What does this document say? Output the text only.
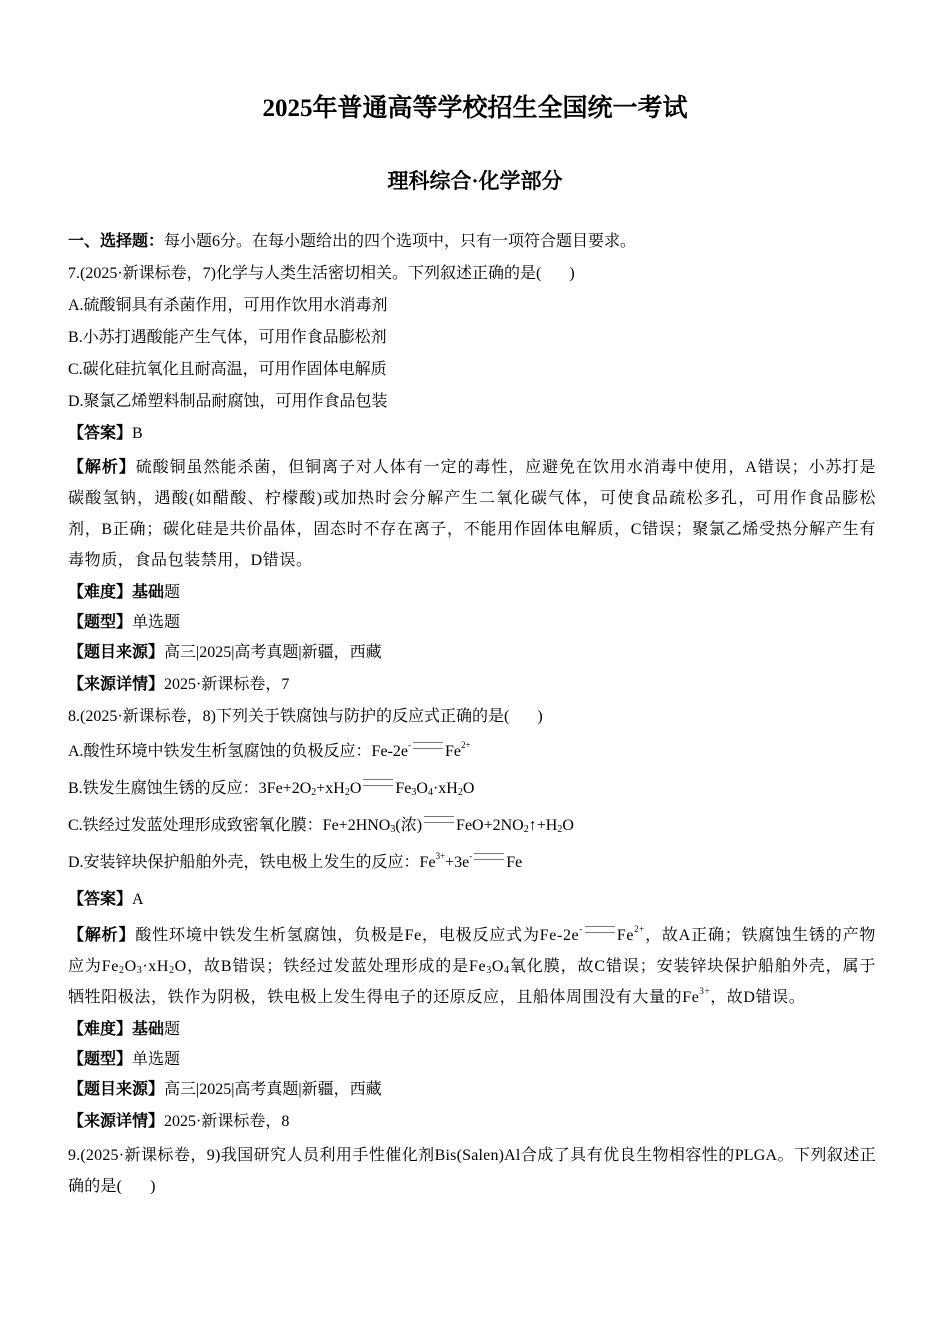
2025年普通高等学校招生全国统一考试
理科综合·化学部分
一、选择题：每小题6分。在每小题给出的四个选项中，只有一项符合题目要求。
7.(2025·新课标卷，7)化学与人类生活密切相关。下列叙述正确的是( )
A.硫酸铜具有杀菌作用，可用作饮用水消毒剂
B.小苏打遇酸能产生气体，可用作食品膨松剂
C.碳化硅抗氧化且耐高温，可用作固体电解质
D.聚氯乙烯塑料制品耐腐蚀，可用作食品包装
【答案】B
【解析】硫酸铜虽然能杀菌，但铜离子对人体有一定的毒性，应避免在饮用水消毒中使用，A错误；小苏打是碳酸氢钠，遇酸(如醋酸、柠檬酸)或加热时会分解产生二氧化碳气体，可使食品疏松多孔，可用作食品膨松剂，B正确；碳化硅是共价晶体，固态时不存在离子，不能用作固体电解质，C错误；聚氯乙烯受热分解产生有毒物质，食品包装禁用，D错误。
【难度】基础题
【题型】单选题
【题目来源】高三|2025|高考真题|新疆，西藏
【来源详情】2025·新课标卷，7
8.(2025·新课标卷，8)下列关于铁腐蚀与防护的反应式正确的是( )
A.酸性环境中铁发生析氢腐蚀的负极反应：Fe-2e- $Fe^{2+}$
B.铁发生腐蚀生锈的反应：$3Fe+2O_2+xH_2O$ $Fe_3O_4\cdot xH_2O$
C.铁经过发蓝处理形成致密氧化膜：$Fe+2HNO_3$(浓) $FeO+2NO_2↑+H_2O$
D.安装锌块保护船舶外壳，铁电极上发生的反应：$Fe^{3+}+3e^-$ Fe
【答案】A
【解析】酸性环境中铁发生析氢腐蚀，负极是Fe，电极反应式为Fe-2e- $Fe^{2+}$，故A正确；铁腐蚀生锈的产物应为$Fe_2O_3\cdot xH_2O$，故B错误；铁经过发蓝处理形成的是$Fe_3O_4$氧化膜，故C错误；安装锌块保护船舶外壳，属于牺牲阳极法，铁作为阴极，铁电极上发生得电子的还原反应，且船体周围没有大量的$Fe^{3+}$，故D错误。
【难度】基础题
【题型】单选题
【题目来源】高三|2025|高考真题|新疆，西藏
【来源详情】2025·新课标卷，8
9.(2025·新课标卷，9)我国研究人员利用手性催化剂Bis(Salen)Al合成了具有优良生物相容性的PLGA。下列叙述正确的是( )
